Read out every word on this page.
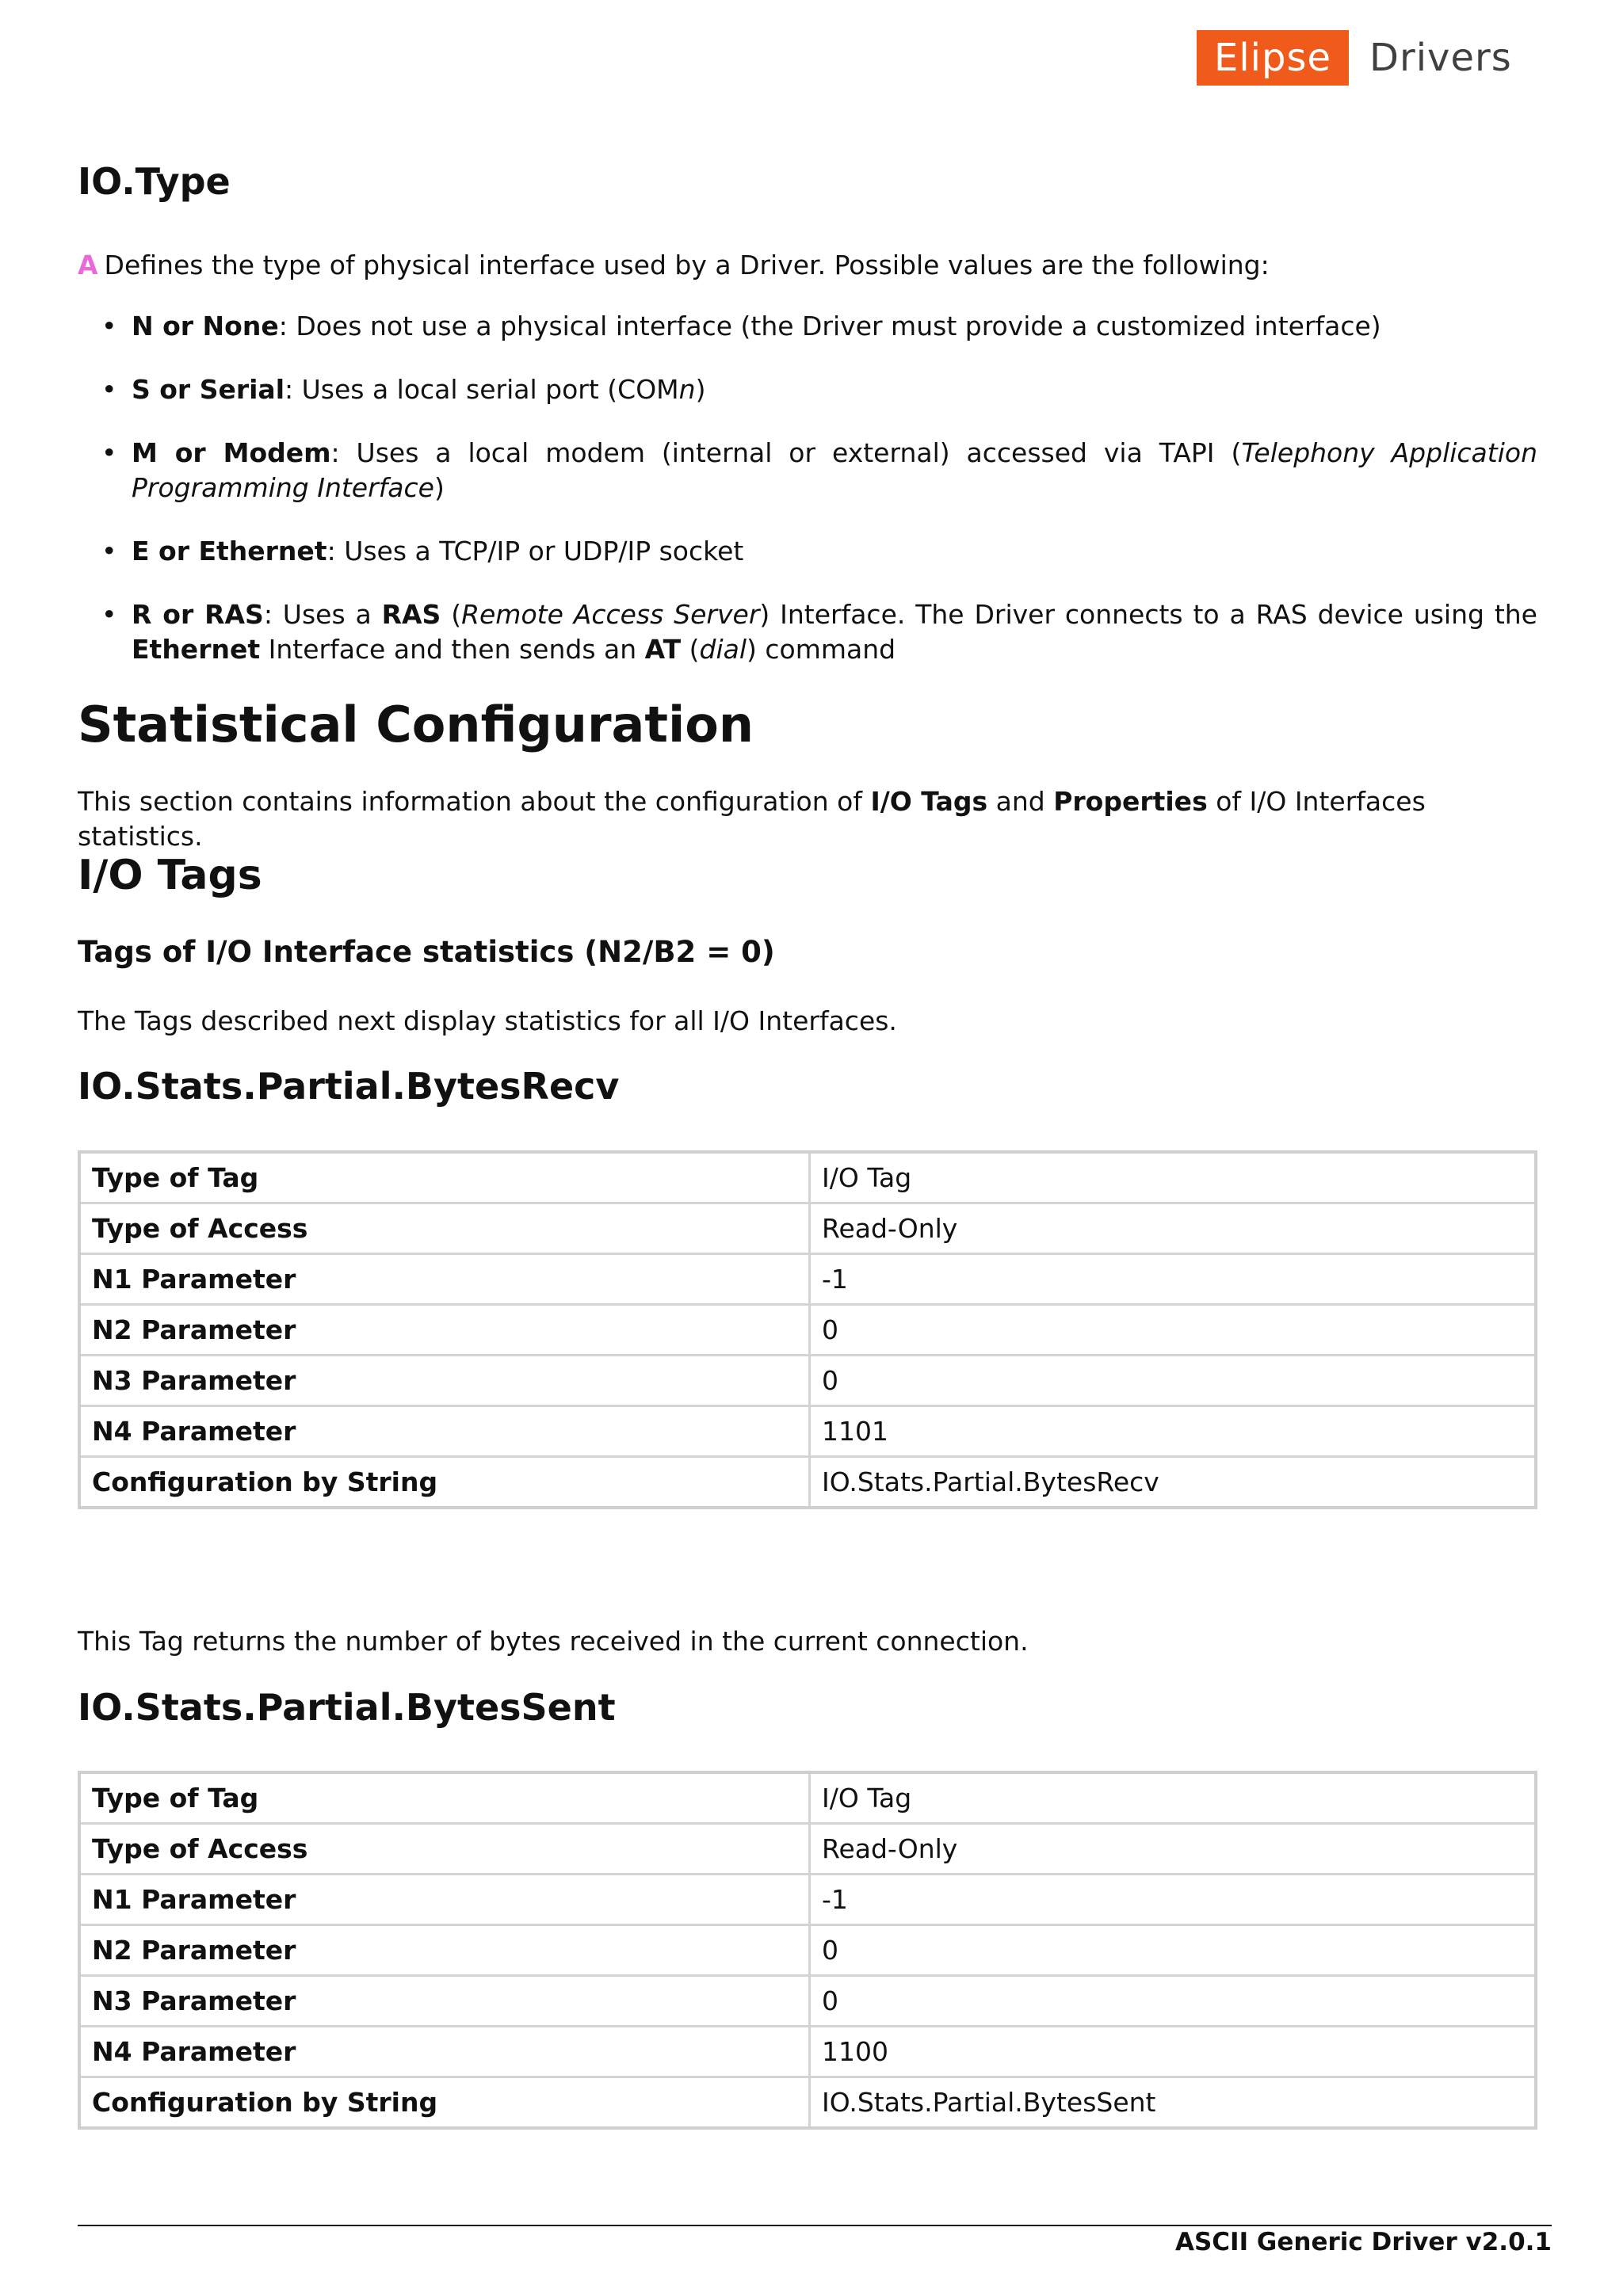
Elipse	Drivers
IO.Type

A Defines the type of physical interface used by a Driver. Possible values are the following:

• N or None: Does not use a physical interface (the Driver must provide a customized interface)
• S or Serial: Uses a local serial port (COMn)
• M or Modem: Uses a local modem (internal or external) accessed via TAPI (Telephony Application Programming Interface)
• E or Ethernet: Uses a TCP/IP or UDP/IP socket
• R or RAS: Uses a RAS (Remote Access Server) Interface. The Driver connects to a RAS device using the Ethernet Interface and then sends an AT (dial) command
Statistical Configuration

This section contains information about the configuration of I/O Tags and Properties of I/O Interfaces statistics.

I/O Tags
Tags of I/O Interface statistics (N2/B2 = 0)

The Tags described next display statistics for all I/O Interfaces.

IO.Stats.Partial.BytesRecv
Type of Tag	I/O Tag
Type of Access	Read-Only
N1 Parameter	-1
N2 Parameter	0
N3 Parameter	0
N4 Parameter	1101
Configuration by String	IO.Stats.Partial.BytesRecv

This Tag returns the number of bytes received in the current connection.

IO.Stats.Partial.BytesSent
Type of Tag	I/O Tag
Type of Access	Read-Only
N1 Parameter	-1
N2 Parameter	0
N3 Parameter	0
N4 Parameter	1100
Configuration by String	IO.Stats.Partial.BytesSent
ASCII Generic Driver v2.0.1
